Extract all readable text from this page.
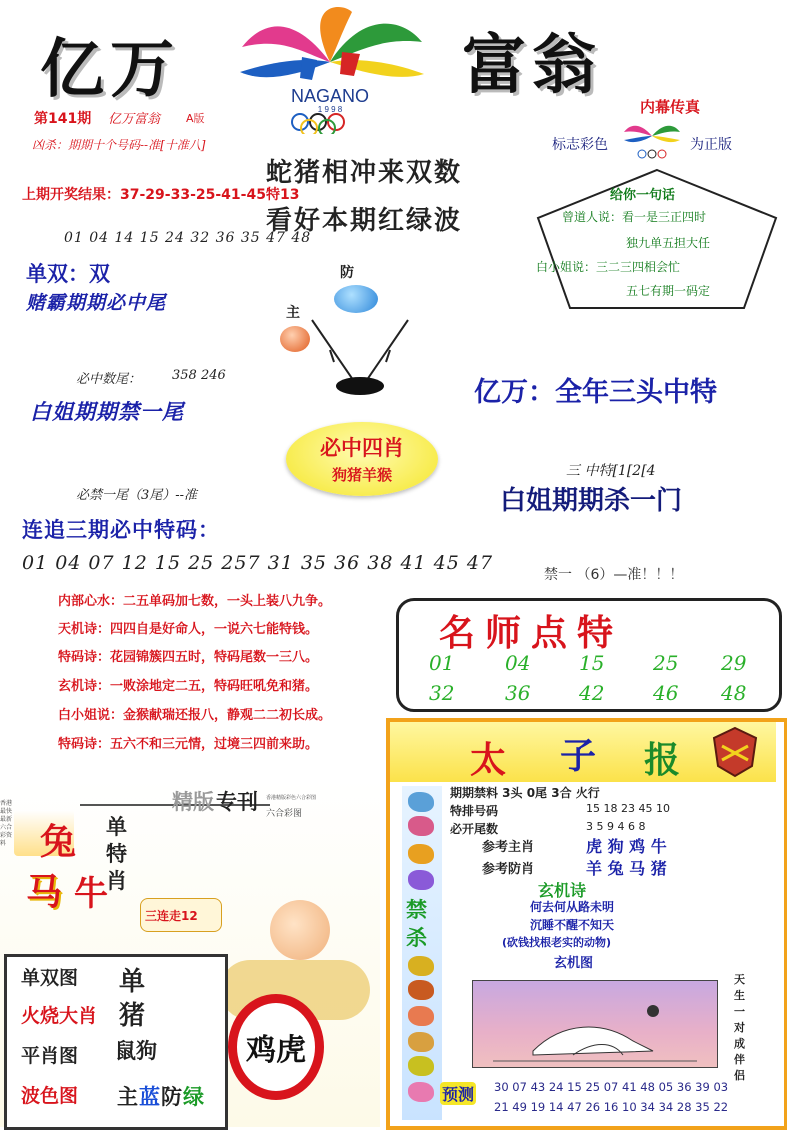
亿万	富翁
NAGANO
1 9 9 8
第141期 亿万富翁 A版
凶杀：期期十个号码--准[十准八]
上期开奖结果：37-29-33-25-41-45特13
蛇猪相冲来双数
看好本期红绿波
内幕传真
标志彩色	为正版
给你一句话
曾道人说：看一是三正四时
独九单五担大任
白小姐说：三二三四相会忙
五七有期一码定
01 04 14 15 24 32 36 35 47 48
单双：双
赌霸期期必中尾
防
主
必中数尾： 358 246
白姐期期禁一尾
亿万：全年三头中特
必中四肖
狗猪羊猴	三 中特[1[2[4
白姐期期杀一门
必禁一尾（3尾）--准
连追三期必中特码：
01 04 07 12 15 25 257 31 35 36 38 41 45 47
禁一 （6）—准！！！
内部心水：二五单码加七数，一头上装八九争。
天机诗：四四自是好命人，一说六七能特钱。
特码诗：花园锦簇四五时，特码尾数一三八。
玄机诗：一败涂地定二五，特码旺吼免和猪。
白小姐说：金猴献瑞还报八，静观二二初长成。
特码诗：五六不和三元情，过境三四前来助。
名师点特
01	04 15 25 29
32	36 42 46 48
精版 专刊 香港精版彩色六合彩图
六合彩图
香港最快最新六合彩资料 兔
马 牛
单特肖
三连走12
单双图
火烧 大肖
平肖图
波色图
单
猪
鼠狗
主 蓝 防 绿
鸡虎
太 子 报
禁杀
期期禁料 3头 0尾 3合 火行
特排号码	15 18 23 45 10
必开尾数	3 5 9 4 6 8
参考主肖	虎 狗 鸡 牛
参考防肖	羊 兔 马 猪
玄机诗
何去何从路未明
沉睡不醒不知天
(砍钱找根老实的动物)
玄机图
天生一对成伴侣
预测 30 07 43 24 15 25 07 41 48 05 36 39 03
21 49 19 14 47 26 16 10 34 34 28 35 22
